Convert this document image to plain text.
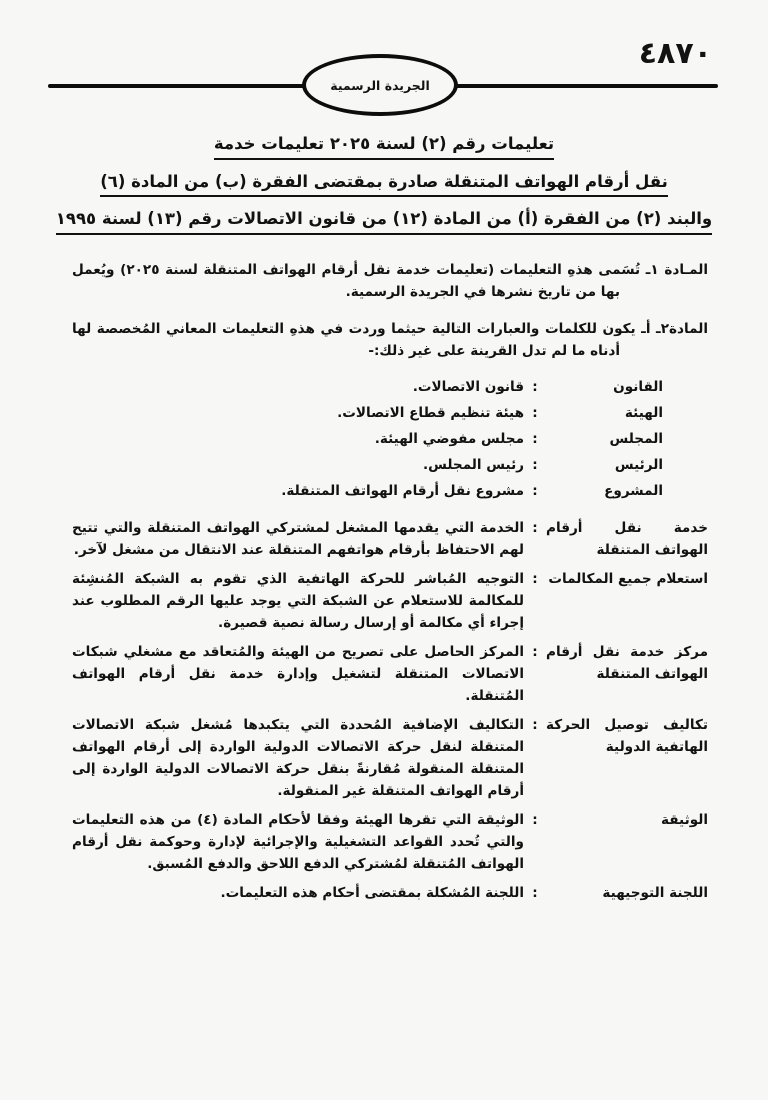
٤٨٧٠
الجريدة الرسمية
تعليمات رقم (٢) لسنة ٢٠٢٥ تعليمات خدمة
نقل أرقام الهواتف المتنقلة صادرة بمقتضى الفقرة (ب) من المادة (٦)
والبند (٢) من الفقرة (أ) من المادة (١٢) من قانون الاتصالات رقم (١٣) لسنة ١٩٩٥

المـادة ١ـ تُسَمى هذهِ التعليمات (تعليمات خدمة نقل أرقام الهواتف المتنقلة لسنة ٢٠٢٥) ويُعمل بها من تاريخ نشرها في الجريدة الرسمية.

المادة٢ـ أـ يكون للكلمات والعبارات التالية حيثما وردت في هذهِ التعليمات المعاني المُخصصة لها أدناه ما لم تدل القرينة على غير ذلك:-

القانون
:
قانون الاتصالات.
الهيئة
:
هيئة تنظيم قطاع الاتصالات.
المجلس
:
مجلس مفوضي الهيئة.
الرئيس
:
رئيس المجلس.
المشروع
:
مشروع نقل أرقام الهواتف المتنقلة.
خدمة نقل أرقام الهواتف المتنقلة
:
الخدمة التي يقدمها المشغل لمشتركي الهواتف المتنقلة والتي تتيح لهم الاحتفاظ بأرقام هواتفهم المتنقلة عند الانتقال من مشغل لآخر.
استعلام جميع المكالمات
:
التوجيه المُباشر للحركة الهاتفية الذي تقوم به الشبكة المُنشِئة للمكالمة للاستعلام عن الشبكة التي يوجد عليها الرقم المطلوب عند إجراء أي مكالمة أو إرسال رسالة نصية قصيرة.
مركز خدمة نقل أرقام الهواتف المتنقلة
:
المركز الحاصل على تصريح من الهيئة والمُتعاقد مع مشغلي شبكات الاتصالات المتنقلة لتشغيل وإدارة خدمة نقل أرقام الهواتف المُتنقلة.
تكاليف توصيل الحركة الهاتفية الدولية
:
التكاليف الإضافية المُحددة التي يتكبدها مُشغل شبكة الاتصالات المتنقلة لنقل حركة الاتصالات الدولية الواردة إلى أرقام الهواتف المتنقلة المنقولة مُقارنةً بنقل حركة الاتصالات الدولية الواردة إلى أرقام الهواتف المتنقلة غير المنقولة.
الوثيقة
:
الوثيقة التي تقرها الهيئة وفقا لأحكام المادة (٤) من هذه التعليمات والتي تُحدد القواعد التشغيلية والإجرائية لإدارة وحوكمة نقل أرقام الهواتف المُتنقلة لمُشتركي الدفع اللاحق والدفع المُسبق.
اللجنة التوجيهية
:
اللجنة المُشكلة بمقتضى أحكام هذه التعليمات.
